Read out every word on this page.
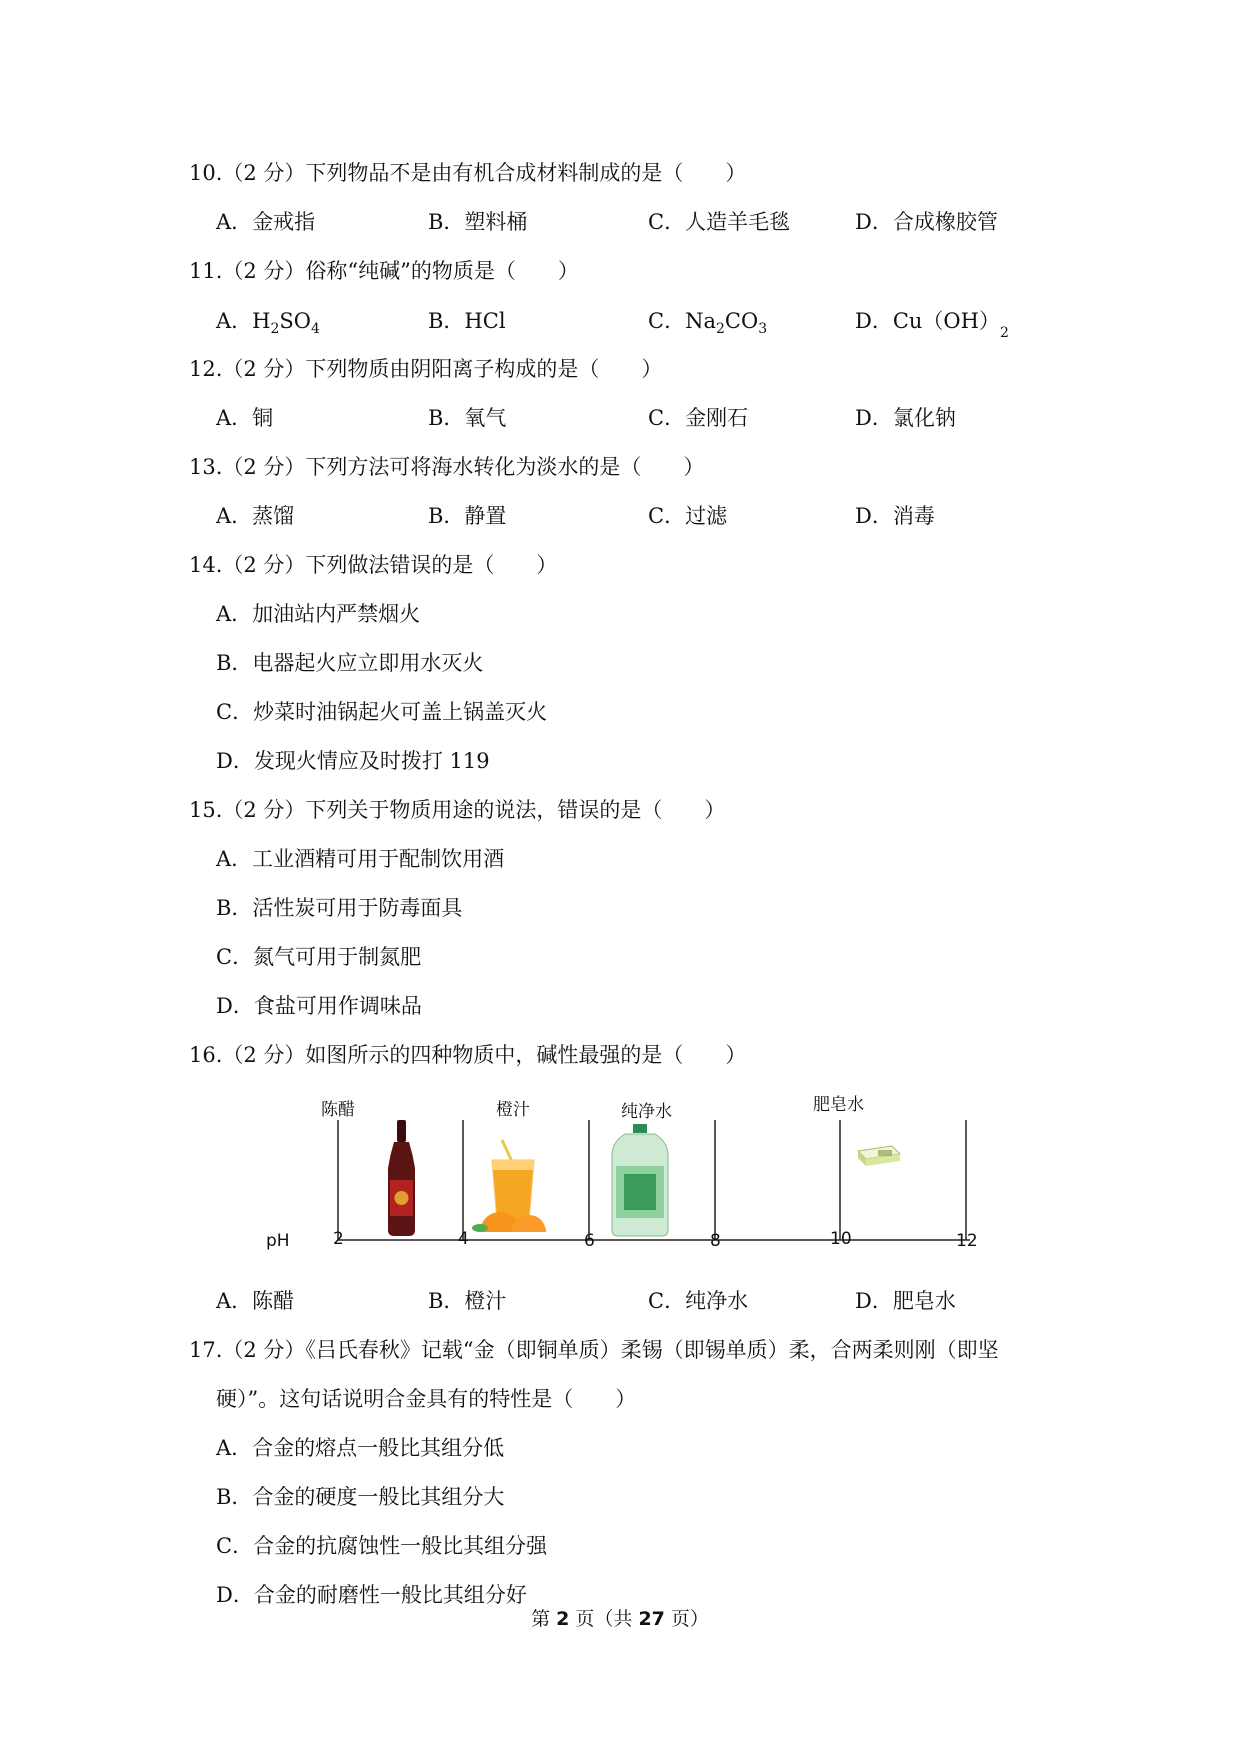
10.（2 分）下列物品不是由有机合成材料制成的是（　　）
A．金戒指	B．塑料桶	C．人造羊毛毯	D．合成橡胶管
11.（2 分）俗称“纯碱”的物质是（　　）
A．$H_2SO_4$	B．HCl	C．$Na_2CO_3$	D．$Cu(OH)_2$
12.（2 分）下列物质由阴阳离子构成的是（　　）
A．铜	B．氧气	C．金刚石	D．氯化钠
13.（2 分）下列方法可将海水转化为淡水的是（　　）
A．蒸馏	B．静置	C．过滤	D．消毒
14.（2 分）下列做法错误的是（　　）
A．加油站内严禁烟火
B．电器起火应立即用水灭火
C．炒菜时油锅起火可盖上锅盖灭火
D．发现火情应及时拨打 119
15.（2 分）下列关于物质用途的说法，错误的是（　　）
A．工业酒精可用于配制饮用酒
B．活性炭可用于防毒面具
C．氮气可用于制氮肥
D．食盐可用作调味品
16.（2 分）如图所示的四种物质中，碱性最强的是（　　）
陈醋	橙汁	纯净水	肥皂水
pH	2	4	6	8	10	12
A．陈醋	B．橙汁	C．纯净水	D．肥皂水
17.（2 分）《吕氏春秋》记载“金（即铜单质）柔锡（即锡单质）柔，合两柔则刚（即坚
硬）”。这句话说明合金具有的特性是（　　）
A．合金的熔点一般比其组分低
B．合金的硬度一般比其组分大
C．合金的抗腐蚀性一般比其组分强
D．合金的耐磨性一般比其组分好
第 2 页（共 27 页）
